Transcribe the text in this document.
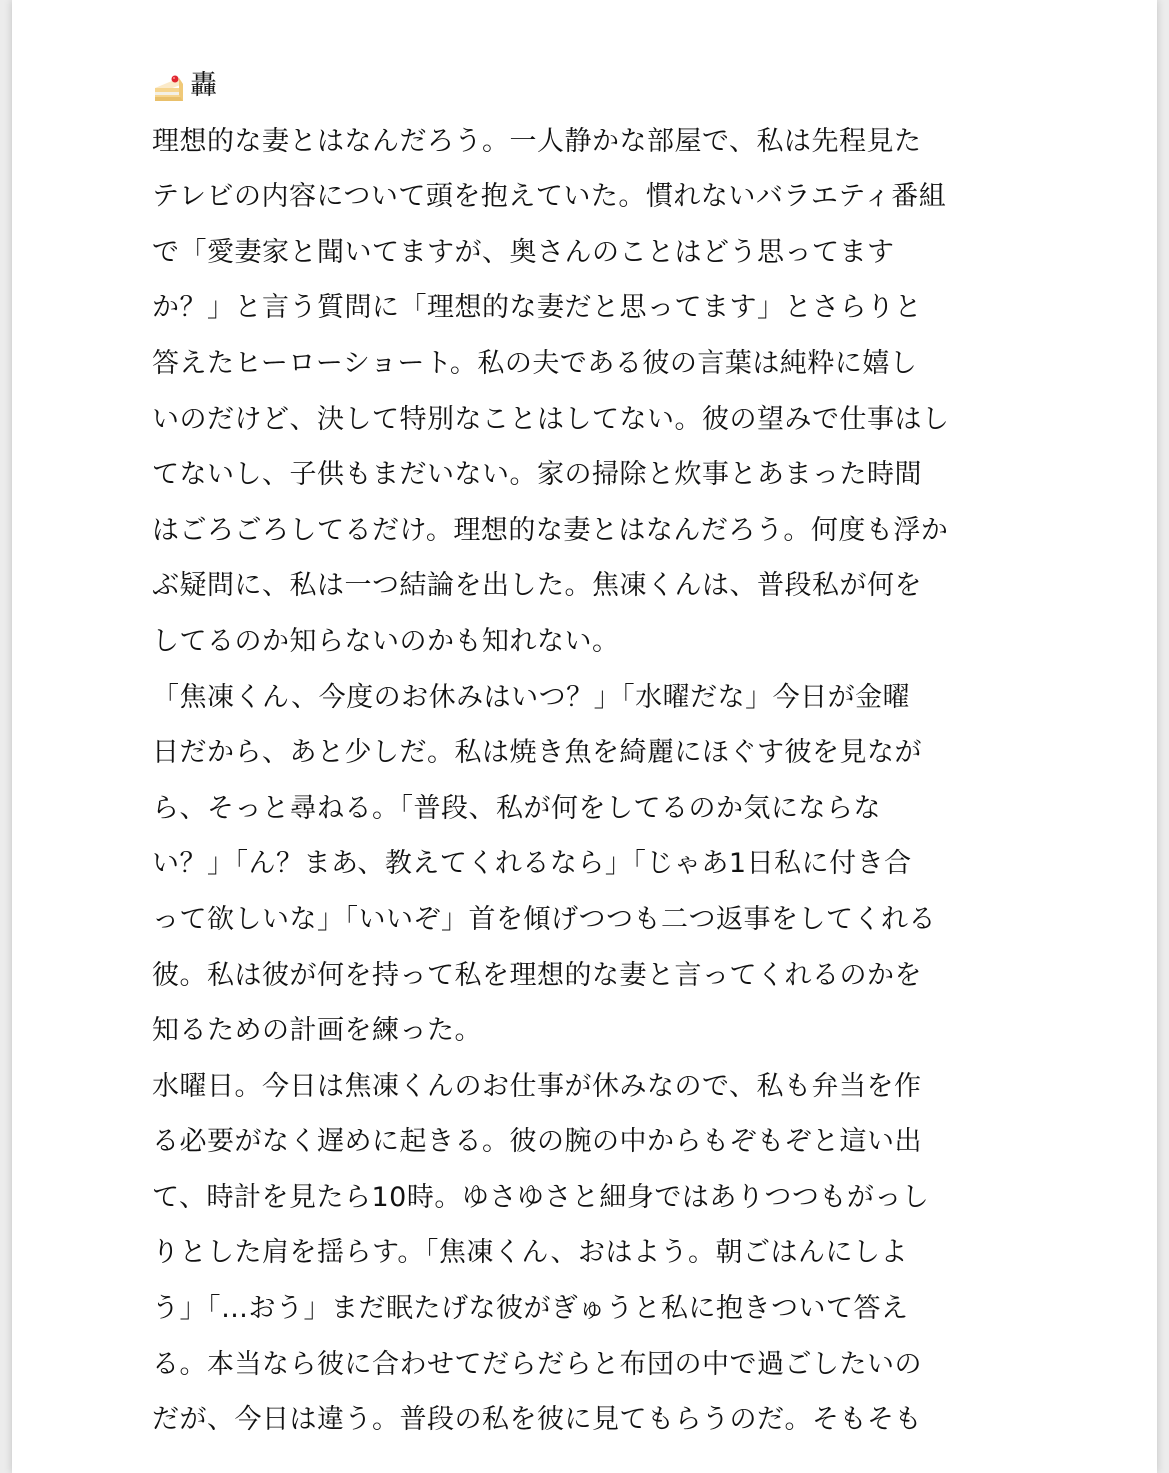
轟

理想的な妻とはなんだろう。一人静かな部屋で、私は先程見た
テレビの内容について頭を抱えていた。慣れないバラエティ番組
で「愛妻家と聞いてますが、奥さんのことはどう思ってます
か？」と言う質問に「理想的な妻だと思ってます」とさらりと
答えたヒーローショート。私の夫である彼の言葉は純粋に嬉し
いのだけど、決して特別なことはしてない。彼の望みで仕事はし
てないし、子供もまだいない。家の掃除と炊事とあまった時間
はごろごろしてるだけ。理想的な妻とはなんだろう。何度も浮か
ぶ疑問に、私は一つ結論を出した。焦凍くんは、普段私が何を
してるのか知らないのかも知れない。

「焦凍くん、今度のお休みはいつ？」「水曜だな」今日が金曜
日だから、あと少しだ。私は焼き魚を綺麗にほぐす彼を見なが
ら、そっと尋ねる。「普段、私が何をしてるのか気にならな
い？」「ん？まあ、教えてくれるなら」「じゃあ1日私に付き合
って欲しいな」「いいぞ」首を傾げつつも二つ返事をしてくれる
彼。私は彼が何を持って私を理想的な妻と言ってくれるのかを
知るための計画を練った。

水曜日。今日は焦凍くんのお仕事が休みなので、私も弁当を作
る必要がなく遅めに起きる。彼の腕の中からもぞもぞと這い出
て、時計を見たら10時。ゆさゆさと細身ではありつつもがっし
りとした肩を揺らす。「焦凍くん、おはよう。朝ごはんにしよ
う」「…おう」まだ眠たげな彼がぎゅうと私に抱きついて答え
る。本当なら彼に合わせてだらだらと布団の中で過ごしたいの
だが、今日は違う。普段の私を彼に見てもらうのだ。そもそも
